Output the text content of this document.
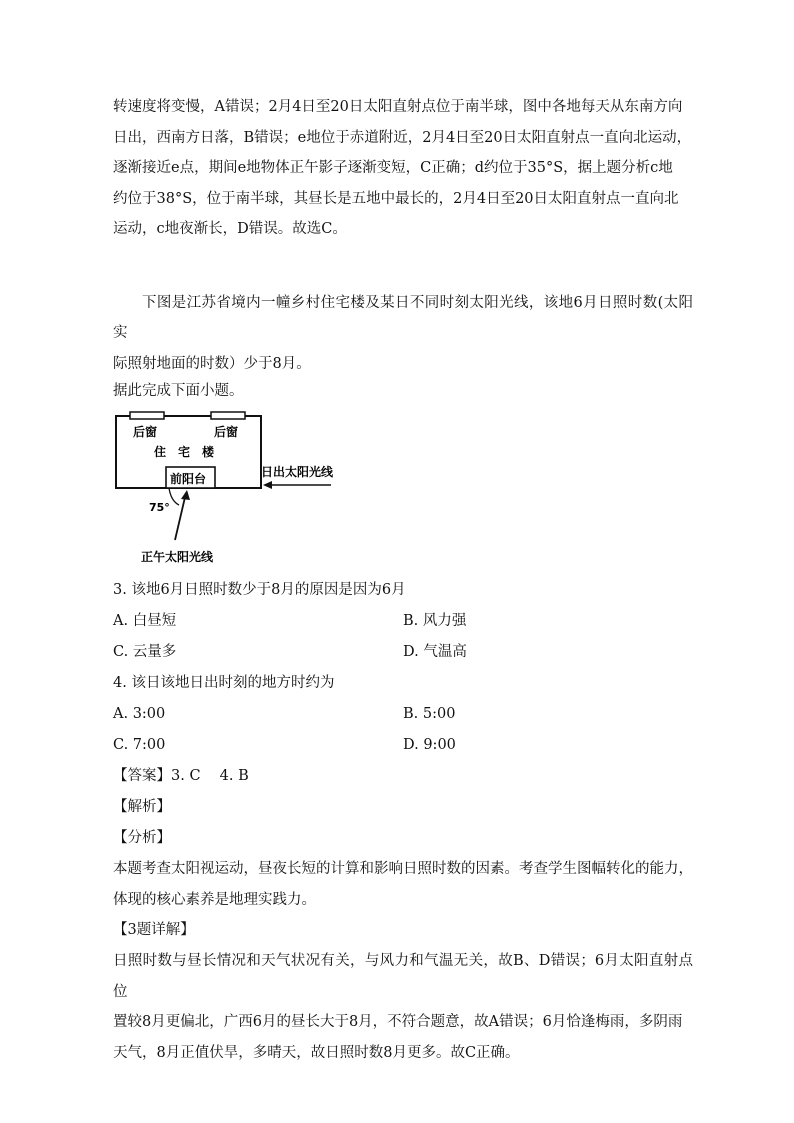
转速度将变慢，A错误；2月4日至20日太阳直射点位于南半球，图中各地每天从东南方向

日出，西南方日落，B错误；e地位于赤道附近，2月4日至20日太阳直射点一直向北运动，

逐渐接近e点，期间e地物体正午影子逐渐变短，C正确；d约位于35°S，据上题分析c地

约位于38°S，位于南半球，其昼长是五地中最长的，2月4日至20日太阳直射点一直向北

运动，c地夜渐长，D错误。故选C。

下图是江苏省境内一幢乡村住宅楼及某日不同时刻太阳光线，该地6月日照时数(太阳实

际照射地面的时数）少于8月。

据此完成下面小题。

后窗	后窗
住　宅　楼
前阳台	日出太阳光线
75°
正午太阳光线

3. 该地6月日照时数少于8月的原因是因为6月

A. 白昼短	B. 风力强
C. 云量多	D. 气温高

4. 该日该地日出时刻的地方时约为

A. 3:00	B. 5:00
C. 7:00	D. 9:00

【答案】3. C　 4. B

【解析】

【分析】

本题考查太阳视运动，昼夜长短的计算和影响日照时数的因素。考查学生图幅转化的能力，

体现的核心素养是地理实践力。

【3题详解】

日照时数与昼长情况和天气状况有关，与风力和气温无关，故B、D错误；6月太阳直射点位

置较8月更偏北，广西6月的昼长大于8月，不符合题意，故A错误；6月恰逢梅雨，多阴雨

天气，8月正值伏旱，多晴天，故日照时数8月更多。故C正确。
